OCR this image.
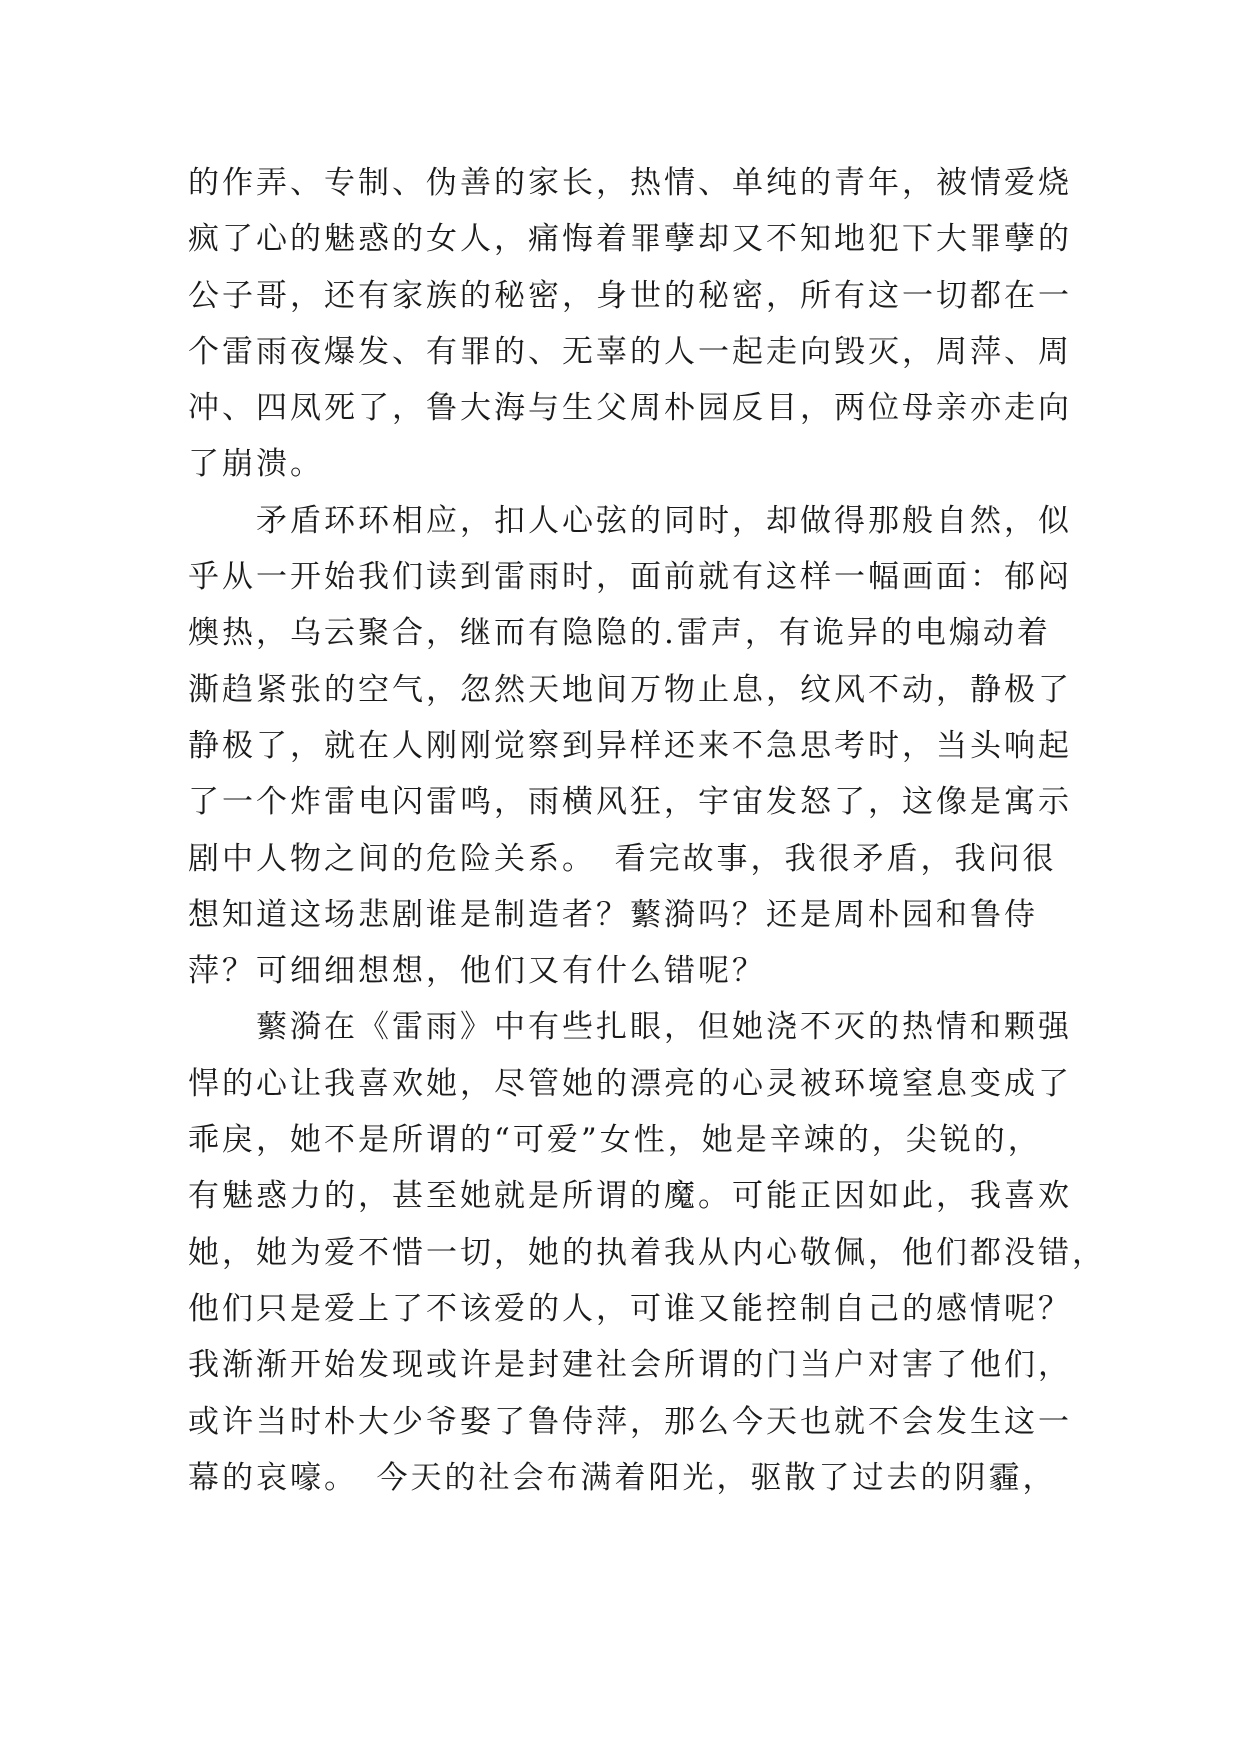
的作弄、专制、伪善的家长，热情、单纯的青年，被情爱烧
疯了心的魅惑的女人，痛悔着罪孽却又不知地犯下大罪孽的
公子哥，还有家族的秘密，身世的秘密，所有这一切都在一
个雷雨夜爆发、有罪的、无辜的人一起走向毁灭，周萍、周
冲、四凤死了，鲁大海与生父周朴园反目，两位母亲亦走向
了崩溃。
　　矛盾环环相应，扣人心弦的同时，却做得那般自然，似
乎从一开始我们读到雷雨时，面前就有这样一幅画面：郁闷
燠热，乌云聚合，继而有隐隐的.雷声，有诡异的电煽动着
澌趋紧张的空气，忽然天地间万物止息，纹风不动，静极了
静极了，就在人刚刚觉察到异样还来不急思考时，当头响起
了一个炸雷电闪雷鸣，雨横风狂，宇宙发怒了，这像是寓示
剧中人物之间的危险关系。　看完故事，我很矛盾，我问很
想知道这场悲剧谁是制造者？蘩漪吗？还是周朴园和鲁侍
萍？可细细想想，他们又有什么错呢？
　　蘩漪在《雷雨》中有些扎眼，但她浇不灭的热情和颗强
悍的心让我喜欢她，尽管她的漂亮的心灵被环境窒息变成了
乖戾，她不是所谓的“可爱”女性，她是辛竦的，尖锐的，
有魅惑力的，甚至她就是所谓的魔。可能正因如此，我喜欢
她，她为爱不惜一切，她的执着我从内心敬佩，他们都没错，
他们只是爱上了不该爱的人，可谁又能控制自己的感情呢？
我渐渐开始发现或许是封建社会所谓的门当户对害了他们，
或许当时朴大少爷娶了鲁侍萍，那么今天也就不会发生这一
幕的哀嚎。　今天的社会布满着阳光，驱散了过去的阴霾，
